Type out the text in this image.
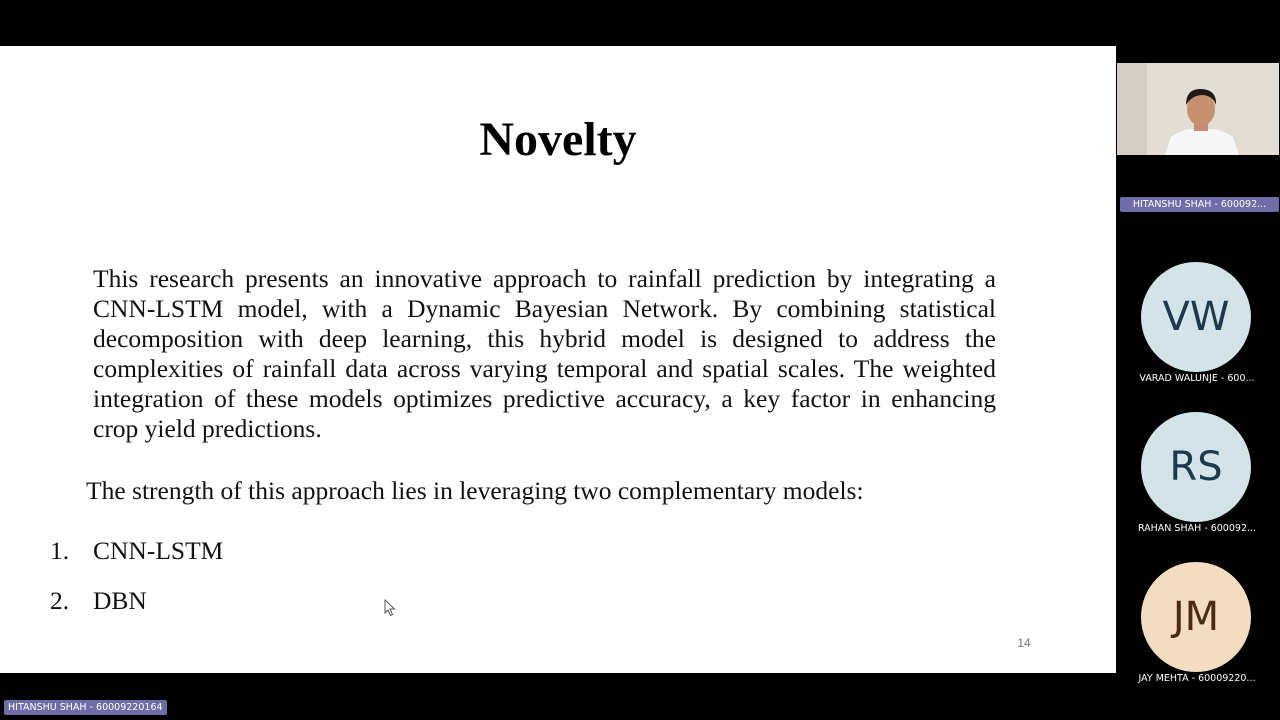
Novelty
This research presents an innovative approach to rainfall prediction by integrating a CNN-LSTM model, with a Dynamic Bayesian Network. By combining statistical decomposition with deep learning, this hybrid model is designed to address the complexities of rainfall data across varying temporal and spatial scales. The weighted integration of these models optimizes predictive accuracy, a key factor in enhancing crop yield predictions.
The strength of this approach lies in leveraging two complementary models:
1. CNN-LSTM
2. DBN
14
HITANSHU SHAH - 600092...
VW
VARAD WALUNJE - 600...
RS
RAHAN SHAH - 600092...
JM
JAY MEHTA - 60009220...
HITANSHU SHAH - 60009220164
